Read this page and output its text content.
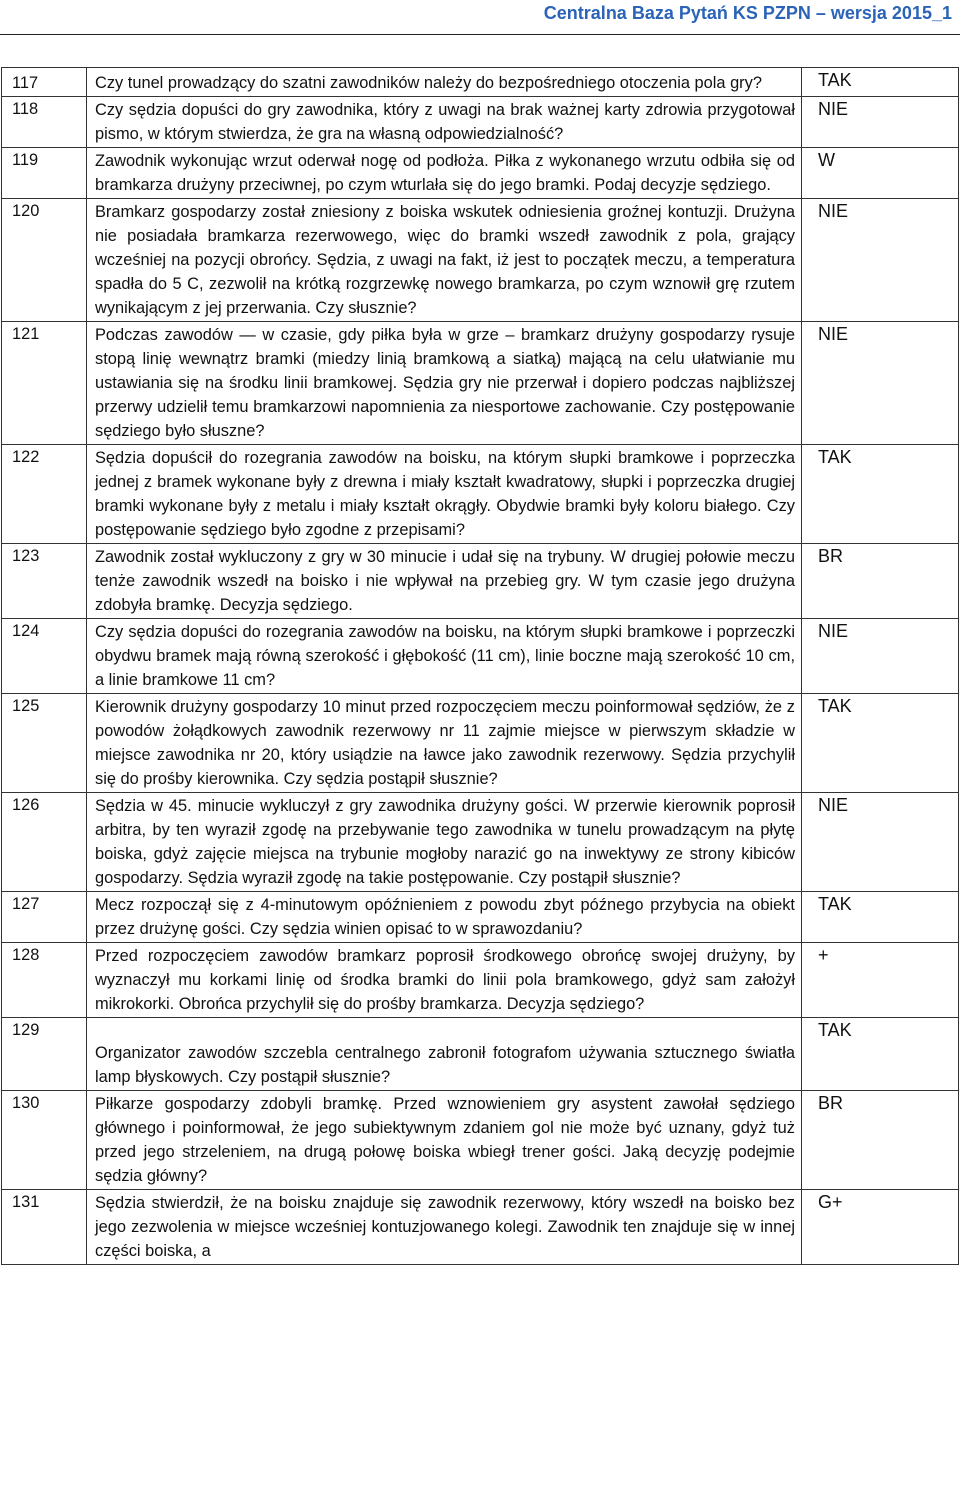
Centralna Baza Pytań KS PZPN – wersja 2015_1
117	Czy tunel prowadzący do szatni zawodników należy do bezpośredniego otoczenia pola gry?	TAK
118	Czy sędzia dopuści do gry zawodnika, który z uwagi na brak ważnej karty zdrowia przygotował pismo, w którym stwierdza, że gra na własną odpowiedzialność?	NIE
119	Zawodnik wykonując wrzut oderwał nogę od podłoża. Piłka z wykonanego wrzutu odbiła się od bramkarza drużyny przeciwnej, po czym wturlała się do jego bramki. Podaj decyzje sędziego.	W
120	Bramkarz gospodarzy został zniesiony z boiska wskutek odniesienia groźnej kontuzji. Drużyna nie posiadała bramkarza rezerwowego, więc do bramki wszedł zawodnik z pola, grający wcześniej na pozycji obrońcy. Sędzia, z uwagi na fakt, iż jest to początek meczu, a temperatura spadła do 5 C, zezwolił na krótką rozgrzewkę nowego bramkarza, po czym wznowił grę rzutem wynikającym z jej przerwania. Czy słusznie?	NIE
121	Podczas zawodów — w czasie, gdy piłka była w grze – bramkarz drużyny gospodarzy rysuje stopą linię wewnątrz bramki (miedzy linią bramkową a siatką) mającą na celu ułatwianie mu ustawiania się na środku linii bramkowej. Sędzia gry nie przerwał i dopiero podczas najbliższej przerwy udzielił temu bramkarzowi napomnienia za niesportowe zachowanie. Czy postępowanie sędziego było słuszne?	NIE
122	Sędzia dopuścił do rozegrania zawodów na boisku, na którym słupki bramkowe i poprzeczka jednej z bramek wykonane były z drewna i miały kształt kwadratowy, słupki i poprzeczka drugiej bramki wykonane były z metalu i miały kształt okrągły. Obydwie bramki były koloru białego. Czy postępowanie sędziego było zgodne z przepisami?	TAK
123	Zawodnik został wykluczony z gry w 30 minucie i udał się na trybuny. W drugiej połowie meczu tenże zawodnik wszedł na boisko i nie wpływał na przebieg gry. W tym czasie jego drużyna zdobyła bramkę. Decyzja sędziego.	BR
124	Czy sędzia dopuści do rozegrania zawodów na boisku, na którym słupki bramkowe i poprzeczki obydwu bramek mają równą szerokość i głębokość (11 cm), linie boczne mają szerokość 10 cm, a linie bramkowe 11 cm?	NIE
125	Kierownik drużyny gospodarzy 10 minut przed rozpoczęciem meczu poinformował sędziów, że z powodów żołądkowych zawodnik rezerwowy nr 11 zajmie miejsce w pierwszym składzie w miejsce zawodnika nr 20, który usiądzie na ławce jako zawodnik rezerwowy. Sędzia przychylił się do prośby kierownika. Czy sędzia postąpił słusznie?	TAK
126	Sędzia w 45. minucie wykluczył z gry zawodnika drużyny gości. W przerwie kierownik poprosił arbitra, by ten wyraził zgodę na przebywanie tego zawodnika w tunelu prowadzącym na płytę boiska, gdyż zajęcie miejsca na trybunie mogłoby narazić go na inwektywy ze strony kibiców gospodarzy. Sędzia wyraził zgodę na takie postępowanie. Czy postąpił słusznie?	NIE
127	Mecz rozpoczął się z 4-minutowym opóźnieniem z powodu zbyt późnego przybycia na obiekt przez drużynę gości. Czy sędzia winien opisać to w sprawozdaniu?	TAK
128	Przed rozpoczęciem zawodów bramkarz poprosił środkowego obrońcę swojej drużyny, by wyznaczył mu korkami linię od środka bramki do linii pola bramkowego, gdyż sam założył mikrokorki. Obrońca przychylił się do prośby bramkarza. Decyzja sędziego?	+
129	Organizator zawodów szczebla centralnego zabronił fotografom używania sztucznego światła lamp błyskowych. Czy postąpił słusznie?	TAK
130	Piłkarze gospodarzy zdobyli bramkę. Przed wznowieniem gry asystent zawołał sędziego głównego i poinformował, że jego subiektywnym zdaniem gol nie może być uznany, gdyż tuż przed jego strzeleniem, na drugą połowę boiska wbiegł trener gości. Jaką decyzję podejmie sędzia główny?	BR
131	Sędzia stwierdził, że na boisku znajduje się zawodnik rezerwowy, który wszedł na boisko bez jego zezwolenia w miejsce wcześniej kontuzjowanego kolegi. Zawodnik ten znajduje się w innej części boiska, a	G+
